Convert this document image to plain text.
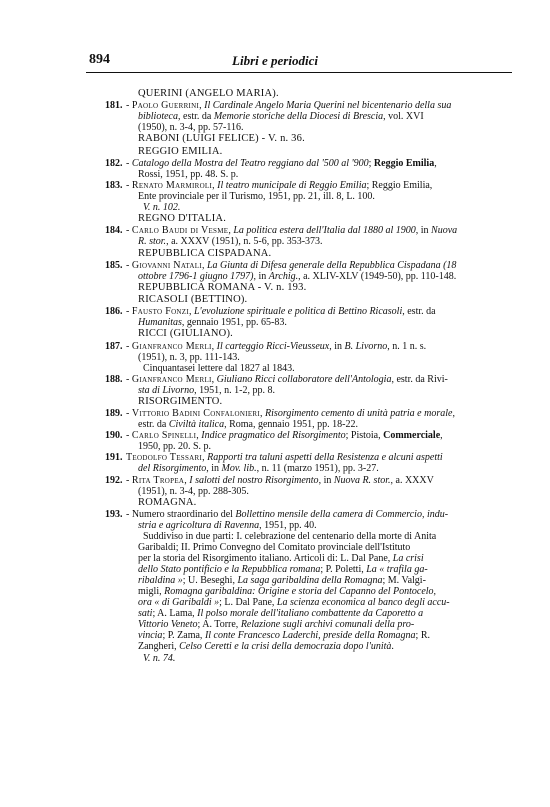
894	Libri e periodici
QUERINI (ANGELO MARIA).
181. - Paolo Guerrini, Il Cardinale Angelo Maria Querini nel bicentenario della sua
biblioteca, estr. da Memorie storiche della Diocesi di Brescia, vol. XVI
(1950), n. 3-4, pp. 57-116.
RABONI (LUIGI FELICE) - V. n. 36.
REGGIO EMILIA.
182. - Catalogo della Mostra del Teatro reggiano dal '500 al '900; Reggio Emilia,
Rossi, 1951, pp. 48. S. p.
183. - Renato Marmiroli, Il teatro municipale di Reggio Emilia; Reggio Emilia,
Ente provinciale per il Turismo, 1951, pp. 21, ill. 8, L. 100.
V. n. 102.
REGNO D'ITALIA.
184. - Carlo Baudi di Vesme, La politica estera dell'Italia dal 1880 al 1900, in Nuova
R. stor., a. XXXV (1951), n. 5-6, pp. 353-373.
REPUBBLICA CISPADANA.
185. - Giovanni Natali, La Giunta di Difesa generale della Repubblica Cispadana (18
ottobre 1796-1 giugno 1797), in Archig., a. XLIV-XLV (1949-50), pp. 110-148.
REPUBBLICA ROMANA - V. n. 193.
RICASOLI (BETTINO).
186. - Fausto Fonzi, L'evoluzione spirituale e politica di Bettino Ricasoli, estr. da
Humanitas, gennaio 1951, pp. 65-83.
RICCI (GIULIANO).
187. - Gianfranco Merli, Il carteggio Ricci-Vieusseux, in B. Livorno, n. 1 n. s.
(1951), n. 3, pp. 111-143.
Cinquantasei lettere dal 1827 al 1843.
188. - Gianfranco Merli, Giuliano Ricci collaboratore dell'Antologia, estr. da Rivi-
sta di Livorno, 1951, n. 1-2, pp. 8.
RISORGIMENTO.
189. - Vittorio Badini Confalonieri, Risorgimento cemento di unità patria e morale,
estr. da Civiltà italica, Roma, gennaio 1951, pp. 18-22.
190. - Carlo Spinelli, Indice pragmatico del Risorgimento; Pistoia, Commerciale,
1950, pp. 20. S. p.
191. Teodolfo Tessari, Rapporti tra taluni aspetti della Resistenza e alcuni aspetti
del Risorgimento, in Mov. lib., n. 11 (marzo 1951), pp. 3-27.
192. - Rita Tropea, I salotti del nostro Risorgimento, in Nuova R. stor., a. XXXV
(1951), n. 3-4, pp. 288-305.
ROMAGNA.
193. - Numero straordinario del Bollettino mensile della camera di Commercio, indu-
stria e agricoltura di Ravenna, 1951, pp. 40.
Suddiviso in due parti: I. celebrazione del centenario della morte di Anita
Garibaldi; II. Primo Convegno del Comitato provinciale dell'Istituto
per la storia del Risorgimento italiano. Articoli di: L. Dal Pane, La crisi
dello Stato pontificio e la Repubblica romana; P. Poletti, La « trafila ga-
ribaldina »; U. Beseghi, La saga garibaldina della Romagna; M. Valgi-
migli, Romagna garibaldina: Origine e storia del Capanno del Pontocelo,
ora « di Garibaldi »; L. Dal Pane, La scienza economica al banco degli accu-
sati; A. Lama, Il polso morale dell'italiano combattente da Caporetto a
Vittorio Veneto; A. Torre, Relazione sugli archivi comunali della pro-
vincia; P. Zama, Il conte Francesco Laderchi, preside della Romagna; R.
Zangheri, Celso Ceretti e la crisi della democrazia dopo l'unità.
V. n. 74.
